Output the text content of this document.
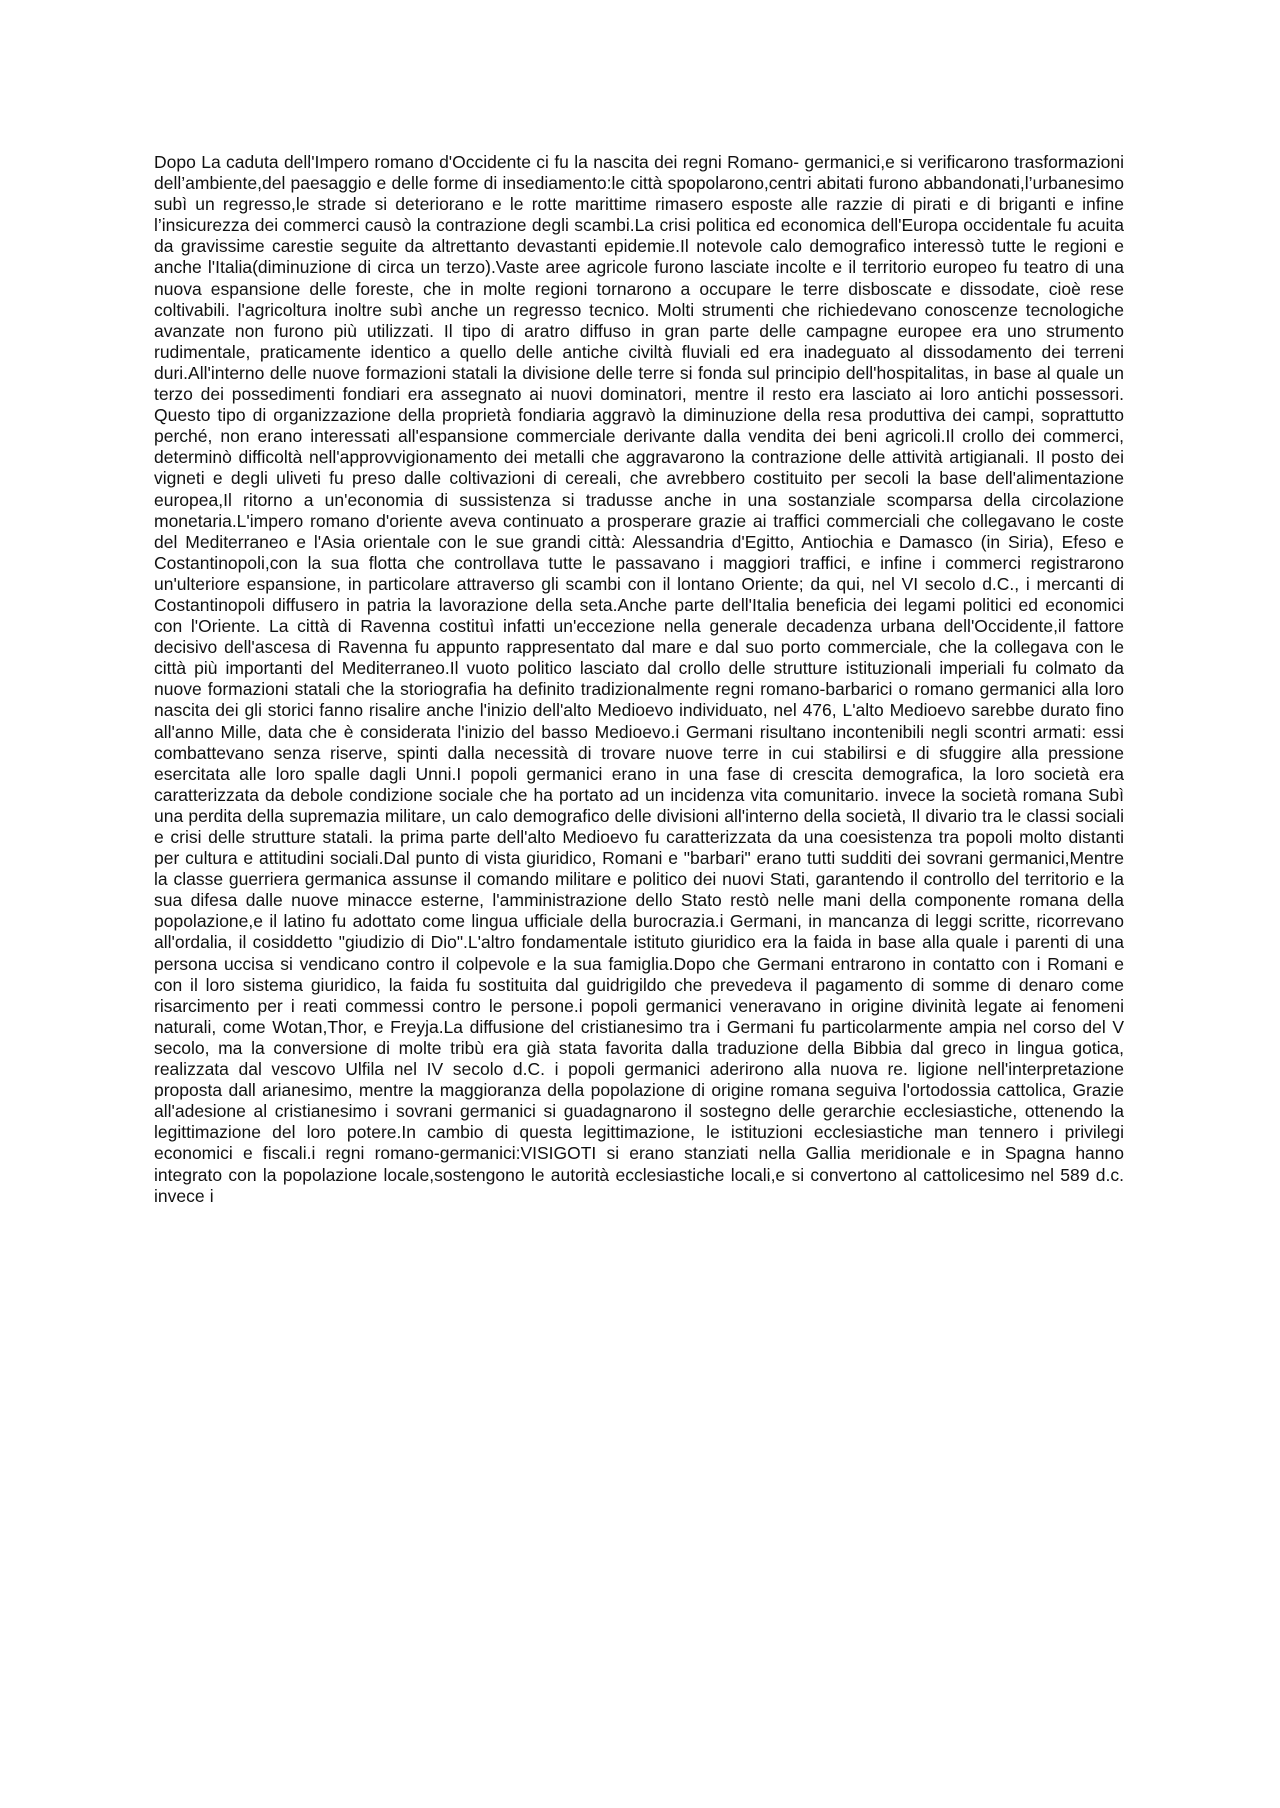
Dopo La caduta dell'Impero romano d'Occidente ci fu la nascita dei regni Romano- germanici,e si verificarono trasformazioni dell’ambiente,del paesaggio e delle forme di insediamento:le città spopolarono,centri abitati furono abbandonati,l’urbanesimo subì un regresso,le strade si deteriorano e le rotte marittime rimasero esposte alle razzie di pirati e di briganti e infine l’insicurezza dei commerci causò la contrazione degli scambi.La crisi politica ed economica dell'Europa occidentale fu acuita da gravissime carestie seguite da altrettanto devastanti epidemie.Il notevole calo demografico interessò tutte le regioni e anche l'Italia(diminuzione di circa un terzo).Vaste aree agricole furono lasciate incolte e il territorio europeo fu teatro di una nuova espansione delle foreste, che in molte regioni tornarono a occupare le terre disboscate e dissodate, cioè rese coltivabili. l'agricoltura inoltre subì anche un regresso tecnico. Molti strumenti che richiedevano conoscenze tecnologiche avanzate non furono più utilizzati. Il tipo di aratro diffuso in gran parte delle campagne europee era uno strumento rudimentale, praticamente identico a quello delle antiche civiltà fluviali ed era inadeguato al dissodamento dei terreni duri.All'interno delle nuove formazioni statali la divisione delle terre si fonda sul principio dell'hospitalitas, in base al quale un terzo dei possedimenti fondiari era assegnato ai nuovi dominatori, mentre il resto era lasciato ai loro antichi possessori. Questo tipo di organizzazione della proprietà fondiaria aggravò la diminuzione della resa produttiva dei campi, soprattutto perché, non erano interessati all'espansione commerciale derivante dalla vendita dei beni agricoli.Il crollo dei commerci, determinò difficoltà nell'approvvigionamento dei metalli che aggravarono la contrazione delle attività artigianali. Il posto dei vigneti e degli uliveti fu preso dalle coltivazioni di cereali, che avrebbero costituito per secoli la base dell'alimentazione europea,Il ritorno a un'economia di sussistenza si tradusse anche in una sostanziale scomparsa della circolazione monetaria.L'impero romano d'oriente aveva continuato a prosperare grazie ai traffici commerciali che collegavano le coste del Mediterraneo e l'Asia orientale con le sue grandi città: Alessandria d'Egitto, Antiochia e Damasco (in Siria), Efeso e Costantinopoli,con la sua flotta che controllava tutte le passavano i maggiori traffici, e infine i commerci registrarono un'ulteriore espansione, in particolare attraverso gli scambi con il lontano Oriente; da qui, nel VI secolo d.C., i mercanti di Costantinopoli diffusero in patria la lavorazione della seta.Anche parte dell'Italia beneficia dei legami politici ed economici con l'Oriente. La città di Ravenna costituì infatti un'eccezione nella generale decadenza urbana dell'Occidente,il fattore decisivo dell'ascesa di Ravenna fu appunto rappresentato dal mare e dal suo porto commerciale, che la collegava con le città più importanti del Mediterraneo.Il vuoto politico lasciato dal crollo delle strutture istituzionali imperiali fu colmato da nuove formazioni statali che la storiografia ha definito tradizionalmente regni romano-barbarici o romano germanici alla loro nascita dei gli storici fanno risalire anche l'inizio dell'alto Medioevo individuato, nel 476, L'alto Medioevo sarebbe durato fino all'anno Mille, data che è considerata l'inizio del basso Medioevo.i Germani risultano incontenibili negli scontri armati: essi combattevano senza riserve, spinti dalla necessità di trovare nuove terre in cui stabilirsi e di sfuggire alla pressione esercitata alle loro spalle dagli Unni.I popoli germanici erano in una fase di crescita demografica, la loro società era caratterizzata da debole condizione sociale che ha portato ad un incidenza vita comunitario. invece la società romana Subì una perdita della supremazia militare, un calo demografico delle divisioni all'interno della società, Il divario tra le classi sociali e crisi delle strutture statali. la prima parte dell'alto Medioevo fu caratterizzata da una coesistenza tra popoli molto distanti per cultura e attitudini sociali.Dal punto di vista giuridico, Romani e "barbari" erano tutti sudditi dei sovrani germanici,Mentre la classe guerriera germanica assunse il comando militare e politico dei nuovi Stati, garantendo il controllo del territorio e la sua difesa dalle nuove minacce esterne, l'amministrazione dello Stato restò nelle mani della componente romana della popolazione,e il latino fu adottato come lingua ufficiale della burocrazia.i Germani, in mancanza di leggi scritte, ricorrevano all'ordalia, il cosiddetto "giudizio di Dio".L'altro fondamentale istituto giuridico era la faida in base alla quale i parenti di una persona uccisa si vendicano contro il colpevole e la sua famiglia.Dopo che Germani entrarono in contatto con i Romani e con il loro sistema giuridico, la faida fu sostituita dal guidrigildo che prevedeva il pagamento di somme di denaro come risarcimento per i reati commessi contro le persone.i popoli germanici veneravano in origine divinità legate ai fenomeni naturali, come Wotan,Thor, e Freyja.La diffusione del cristianesimo tra i Germani fu particolarmente ampia nel corso del V secolo, ma la conversione di molte tribù era già stata favorita dalla traduzione della Bibbia dal greco in lingua gotica, realizzata dal vescovo Ulfila nel IV secolo d.C. i popoli germanici aderirono alla nuova re. ligione nell'interpretazione proposta dall arianesimo, mentre la maggioranza della popolazione di origine romana seguiva l'ortodossia cattolica, Grazie all'adesione al cristianesimo i sovrani germanici si guadagnarono il sostegno delle gerarchie ecclesiastiche, ottenendo la legittimazione del loro potere.In cambio di questa legittimazione, le istituzioni ecclesiastiche man tennero i privilegi economici e fiscali.i regni romano-germanici:VISIGOTI si erano stanziati nella Gallia meridionale e in Spagna hanno integrato con la popolazione locale,sostengono le autorità ecclesiastiche locali,e si convertono al cattolicesimo nel 589 d.c. invece i
